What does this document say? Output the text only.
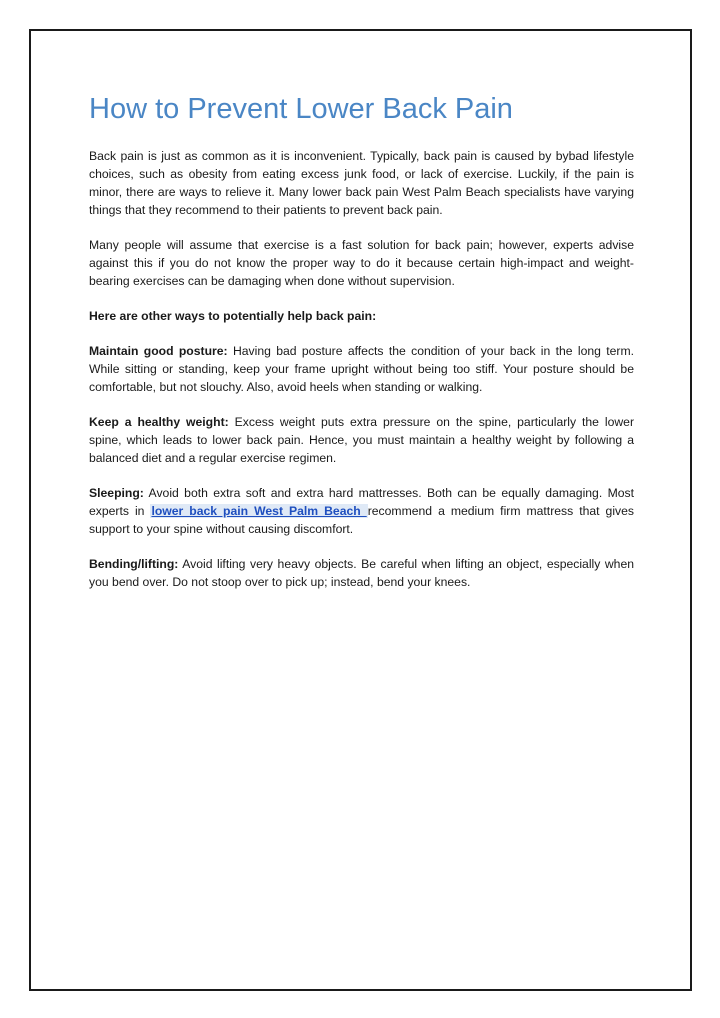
How to Prevent Lower Back Pain

Back pain is just as common as it is inconvenient. Typically, back pain is caused by bybad lifestyle choices, such as obesity from eating excess junk food, or lack of exercise. Luckily, if the pain is minor, there are ways to relieve it. Many lower back pain West Palm Beach specialists have varying things that they recommend to their patients to prevent back pain.

Many people will assume that exercise is a fast solution for back pain; however, experts advise against this if you do not know the proper way to do it because certain high-impact and weight-bearing exercises can be damaging when done without supervision.

Here are other ways to potentially help back pain:

Maintain good posture: Having bad posture affects the condition of your back in the long term. While sitting or standing, keep your frame upright without being too stiff. Your posture should be comfortable, but not slouchy. Also, avoid heels when standing or walking.

Keep a healthy weight: Excess weight puts extra pressure on the spine, particularly the lower spine, which leads to lower back pain. Hence, you must maintain a healthy weight by following a balanced diet and a regular exercise regimen.

Sleeping: Avoid both extra soft and extra hard mattresses. Both can be equally damaging. Most experts in lower back pain West Palm Beach recommend a medium firm mattress that gives support to your spine without causing discomfort.

Bending/lifting: Avoid lifting very heavy objects. Be careful when lifting an object, especially when you bend over. Do not stoop over to pick up; instead, bend your knees.
